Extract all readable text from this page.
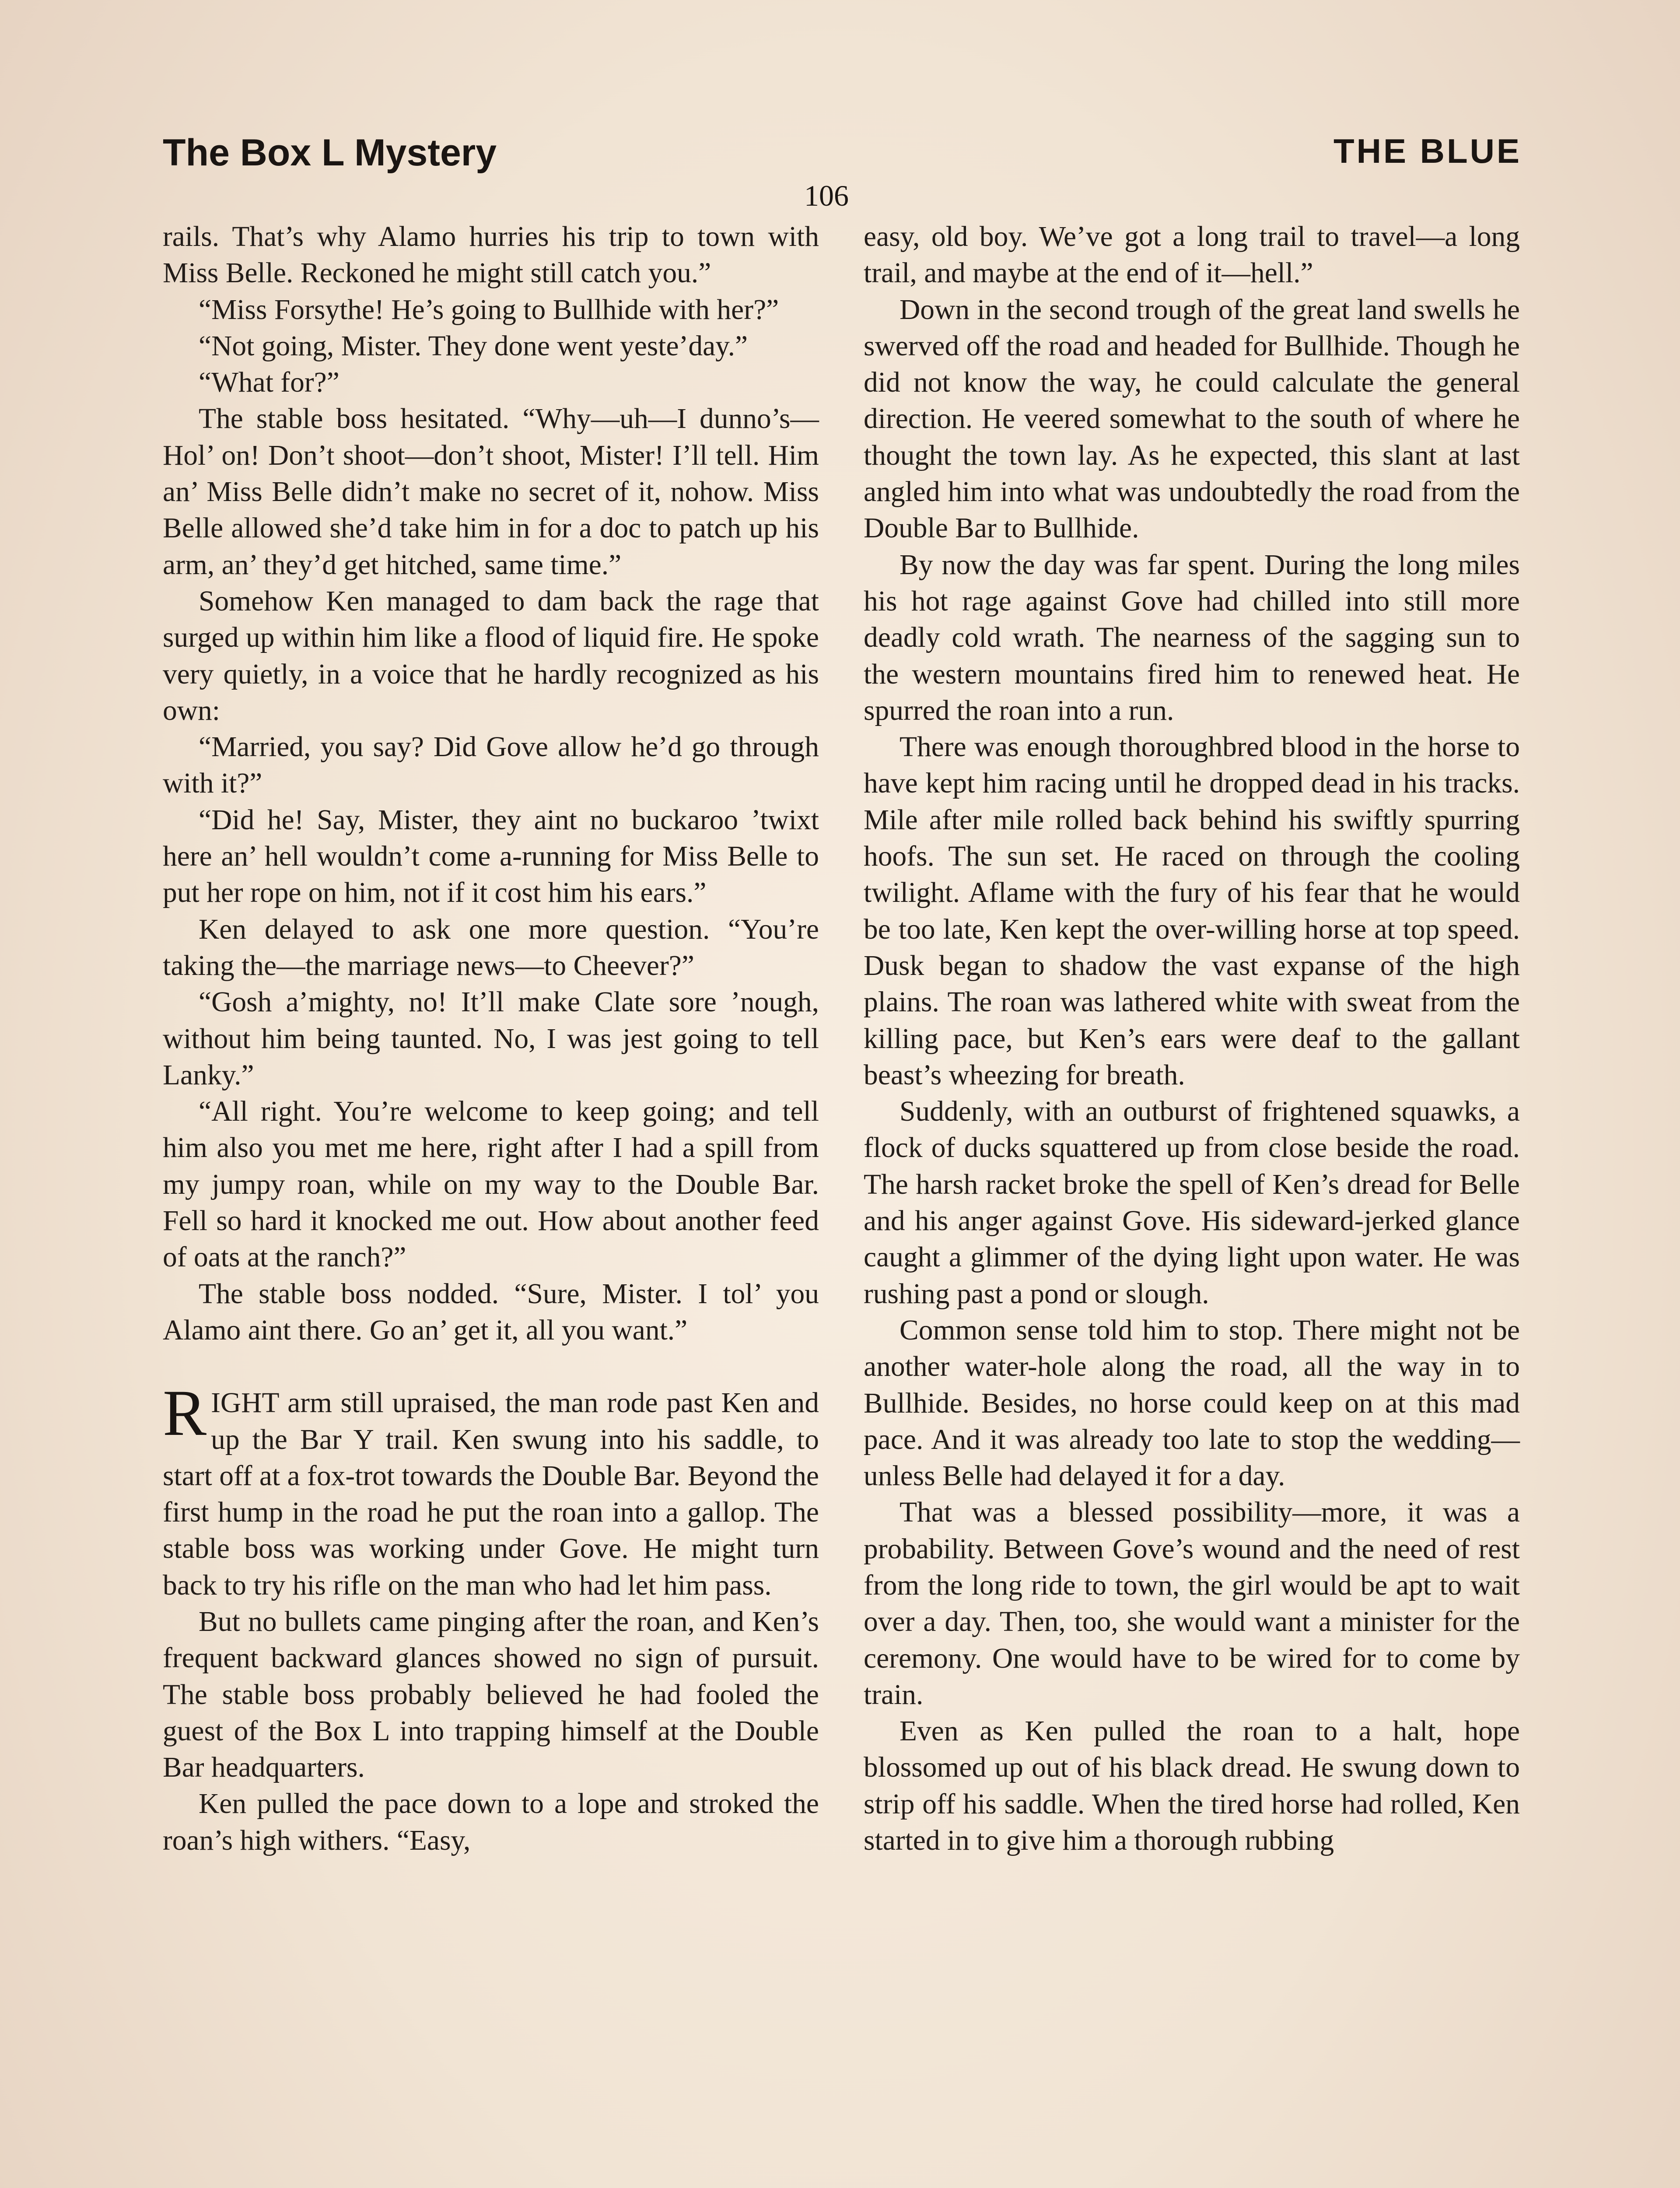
The Box L Mystery	THE BLUE
106

rails. That’s why Alamo hurries his trip to town with Miss Belle. Reckoned he might still catch you.”

“Miss Forsythe! He’s going to Bullhide with her?”

“Not going, Mister. They done went yeste’day.”

“What for?”

The stable boss hesitated. “Why—uh—I dunno’s— Hol’ on! Don’t shoot—don’t shoot, Mister! I’ll tell. Him an’ Miss Belle didn’t make no secret of it, nohow. Miss Belle allowed she’d take him in for a doc to patch up his arm, an’ they’d get hitched, same time.”

Somehow Ken managed to dam back the rage that surged up within him like a flood of liquid fire. He spoke very quietly, in a voice that he hardly recognized as his own:

“Married, you say? Did Gove allow he’d go through with it?”

“Did he! Say, Mister, they aint no buckaroo ’twixt here an’ hell wouldn’t come a-running for Miss Belle to put her rope on him, not if it cost him his ears.”

Ken delayed to ask one more question. “You’re taking the—the marriage news—to Cheever?”

“Gosh a’mighty, no! It’ll make Clate sore ’nough, without him being taunted. No, I was jest going to tell Lanky.”

“All right. You’re welcome to keep going; and tell him also you met me here, right after I had a spill from my jumpy roan, while on my way to the Double Bar. Fell so hard it knocked me out. How about another feed of oats at the ranch?”

The stable boss nodded. “Sure, Mister. I tol’ you Alamo aint there. Go an’ get it, all you want.”

RIGHT arm still upraised, the man rode past Ken and up the Bar Y trail. Ken swung into his saddle, to start off at a fox-trot towards the Double Bar. Beyond the first hump in the road he put the roan into a gallop. The stable boss was working under Gove. He might turn back to try his rifle on the man who had let him pass.

But no bullets came pinging after the roan, and Ken’s frequent backward glances showed no sign of pursuit. The stable boss probably believed he had fooled the guest of the Box L into trapping himself at the Double Bar headquarters.

Ken pulled the pace down to a lope and stroked the roan’s high withers. “Easy,

easy, old boy. We’ve got a long trail to travel—a long trail, and maybe at the end of it—hell.”

Down in the second trough of the great land swells he swerved off the road and headed for Bullhide. Though he did not know the way, he could calculate the general direction. He veered somewhat to the south of where he thought the town lay. As he expected, this slant at last angled him into what was undoubtedly the road from the Double Bar to Bullhide.

By now the day was far spent. During the long miles his hot rage against Gove had chilled into still more deadly cold wrath. The nearness of the sagging sun to the western mountains fired him to renewed heat. He spurred the roan into a run.

There was enough thoroughbred blood in the horse to have kept him racing until he dropped dead in his tracks. Mile after mile rolled back behind his swiftly spurring hoofs. The sun set. He raced on through the cooling twilight. Aflame with the fury of his fear that he would be too late, Ken kept the over-willing horse at top speed. Dusk began to shadow the vast expanse of the high plains. The roan was lathered white with sweat from the killing pace, but Ken’s ears were deaf to the gallant beast’s wheezing for breath.

Suddenly, with an outburst of frightened squawks, a flock of ducks squattered up from close beside the road. The harsh racket broke the spell of Ken’s dread for Belle and his anger against Gove. His sideward-jerked glance caught a glimmer of the dying light upon water. He was rushing past a pond or slough.

Common sense told him to stop. There might not be another water-hole along the road, all the way in to Bullhide. Besides, no horse could keep on at this mad pace. And it was already too late to stop the wedding—unless Belle had delayed it for a day.

That was a blessed possibility—more, it was a probability. Between Gove’s wound and the need of rest from the long ride to town, the girl would be apt to wait over a day. Then, too, she would want a minister for the ceremony. One would have to be wired for to come by train.

Even as Ken pulled the roan to a halt, hope blossomed up out of his black dread. He swung down to strip off his saddle. When the tired horse had rolled, Ken started in to give him a thorough rubbing
